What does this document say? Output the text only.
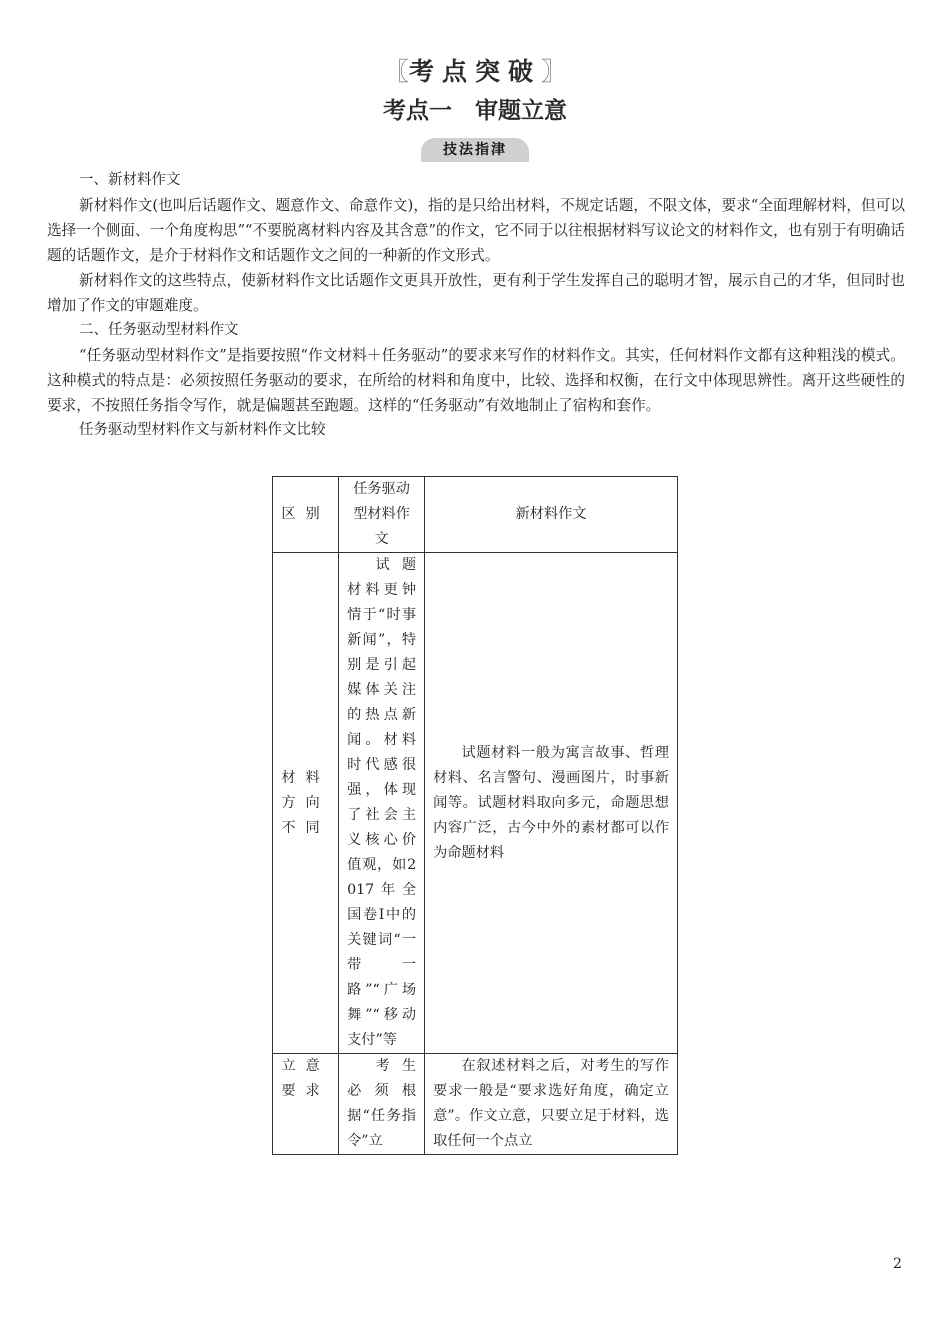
〖考点突破〗
考点一　审题立意
技法指津

一、新材料作文

新材料作文(也叫后话题作文、题意作文、命意作文)，指的是只给出材料，不规定话题，不限文体，要求“全面理解材料，但可以选择一个侧面、一个角度构思”“不要脱离材料内容及其含意”的作文，它不同于以往根据材料写议论文的材料作文，也有别于有明确话题的话题作文，是介于材料作文和话题作文之间的一种新的作文形式。

新材料作文的这些特点，使新材料作文比话题作文更具开放性，更有利于学生发挥自己的聪明才智，展示自己的才华，但同时也增加了作文的审题难度。

二、任务驱动型材料作文

“任务驱动型材料作文”是指要按照“作文材料＋任务驱动”的要求来写作的材料作文。其实，任何材料作文都有这种粗浅的模式。这种模式的特点是：必须按照任务驱动的要求，在所给的材料和角度中，比较、选择和权衡，在行文中体现思辨性。离开这些硬性的要求，不按照任务指令写作，就是偏题甚至跑题。这样的“任务驱动”有效地制止了宿构和套作。

任务驱动型材料作文与新材料作文比较

区别	任务驱动型材料作文	新材料作文
材料方向不同	试题材料更钟情于“时事新闻”，特别是引起媒体关注的热点新闻。材料时代感很强，体现了社会主义核心价值观，如2017年全国卷Ⅰ中的关键词“一带一路”“广场舞”“移动支付”等	试题材料一般为寓言故事、哲理材料、名言警句、漫画图片，时事新闻等。试题材料取向多元，命题思想内容广泛，古今中外的素材都可以作为命题材料
立意要求	考生必须根据“任务指令”立	在叙述材料之后，对考生的写作要求一般是“要求选好角度，确定立意”。作文立意，只要立足于材料，选取任何一个点立
2
